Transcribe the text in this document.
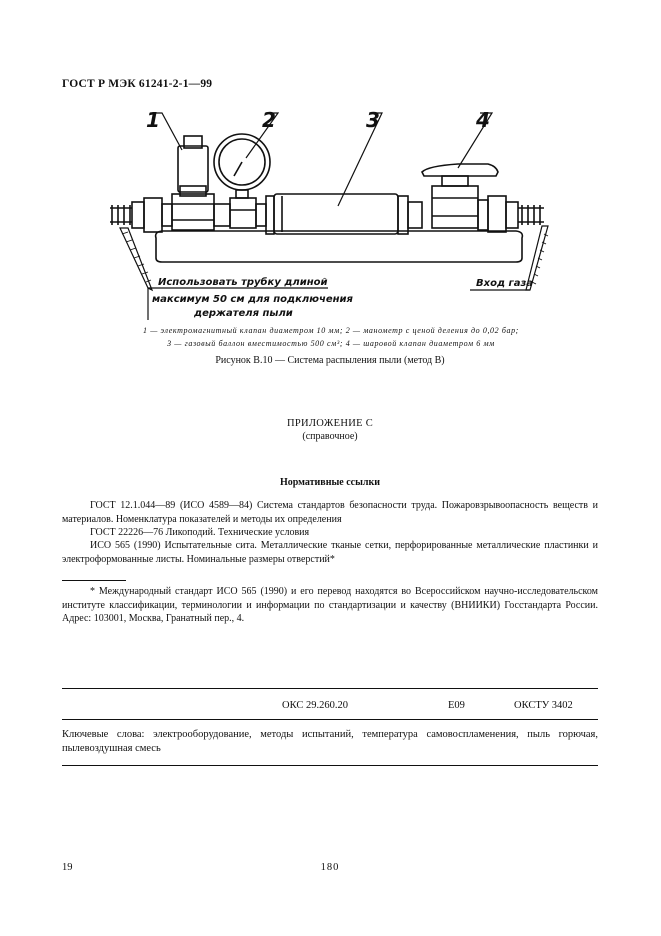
ГОСТ Р МЭК 61241-2-1—99
1	2	3	4
Использовать трубку длиной
максимум 50 см для подключения
держателя пыли
Вход газа
1 — электромагнитный клапан диаметром 10 мм; 2 — манометр с ценой деления до 0,02 бар;
3 — газовый баллон вместимостью 500 см³; 4 — шаровой клапан диаметром 6 мм
Рисунок В.10 — Система распыления пыли (метод В)
ПРИЛОЖЕНИЕ С
(справочное)
Нормативные ссылки
ГОСТ 12.1.044—89 (ИСО 4589—84) Система стандартов безопасности труда. Пожаровзрывоопасность веществ и материалов. Номенклатура показателей и методы их определения
ГОСТ 22226—76 Ликоподий. Технические условия
ИСО 565 (1990) Испытательные сита. Металлические тканые сетки, перфорированные металлические пластинки и электроформованные листы. Номинальные размеры отверстий*
* Международный стандарт ИСО 565 (1990) и его перевод находятся во Всероссийском научно-исследовательском институте классификации, терминологии и информации по стандартизации и качеству (ВНИИКИ) Госстандарта России. Адрес: 103001, Москва, Гранатный пер., 4.
ОКС 29.260.20	Е09	ОКСТУ 3402
Ключевые слова: электрооборудование, методы испытаний, температура самовоспламенения, пыль горючая, пылевоздушная смесь
19	180
